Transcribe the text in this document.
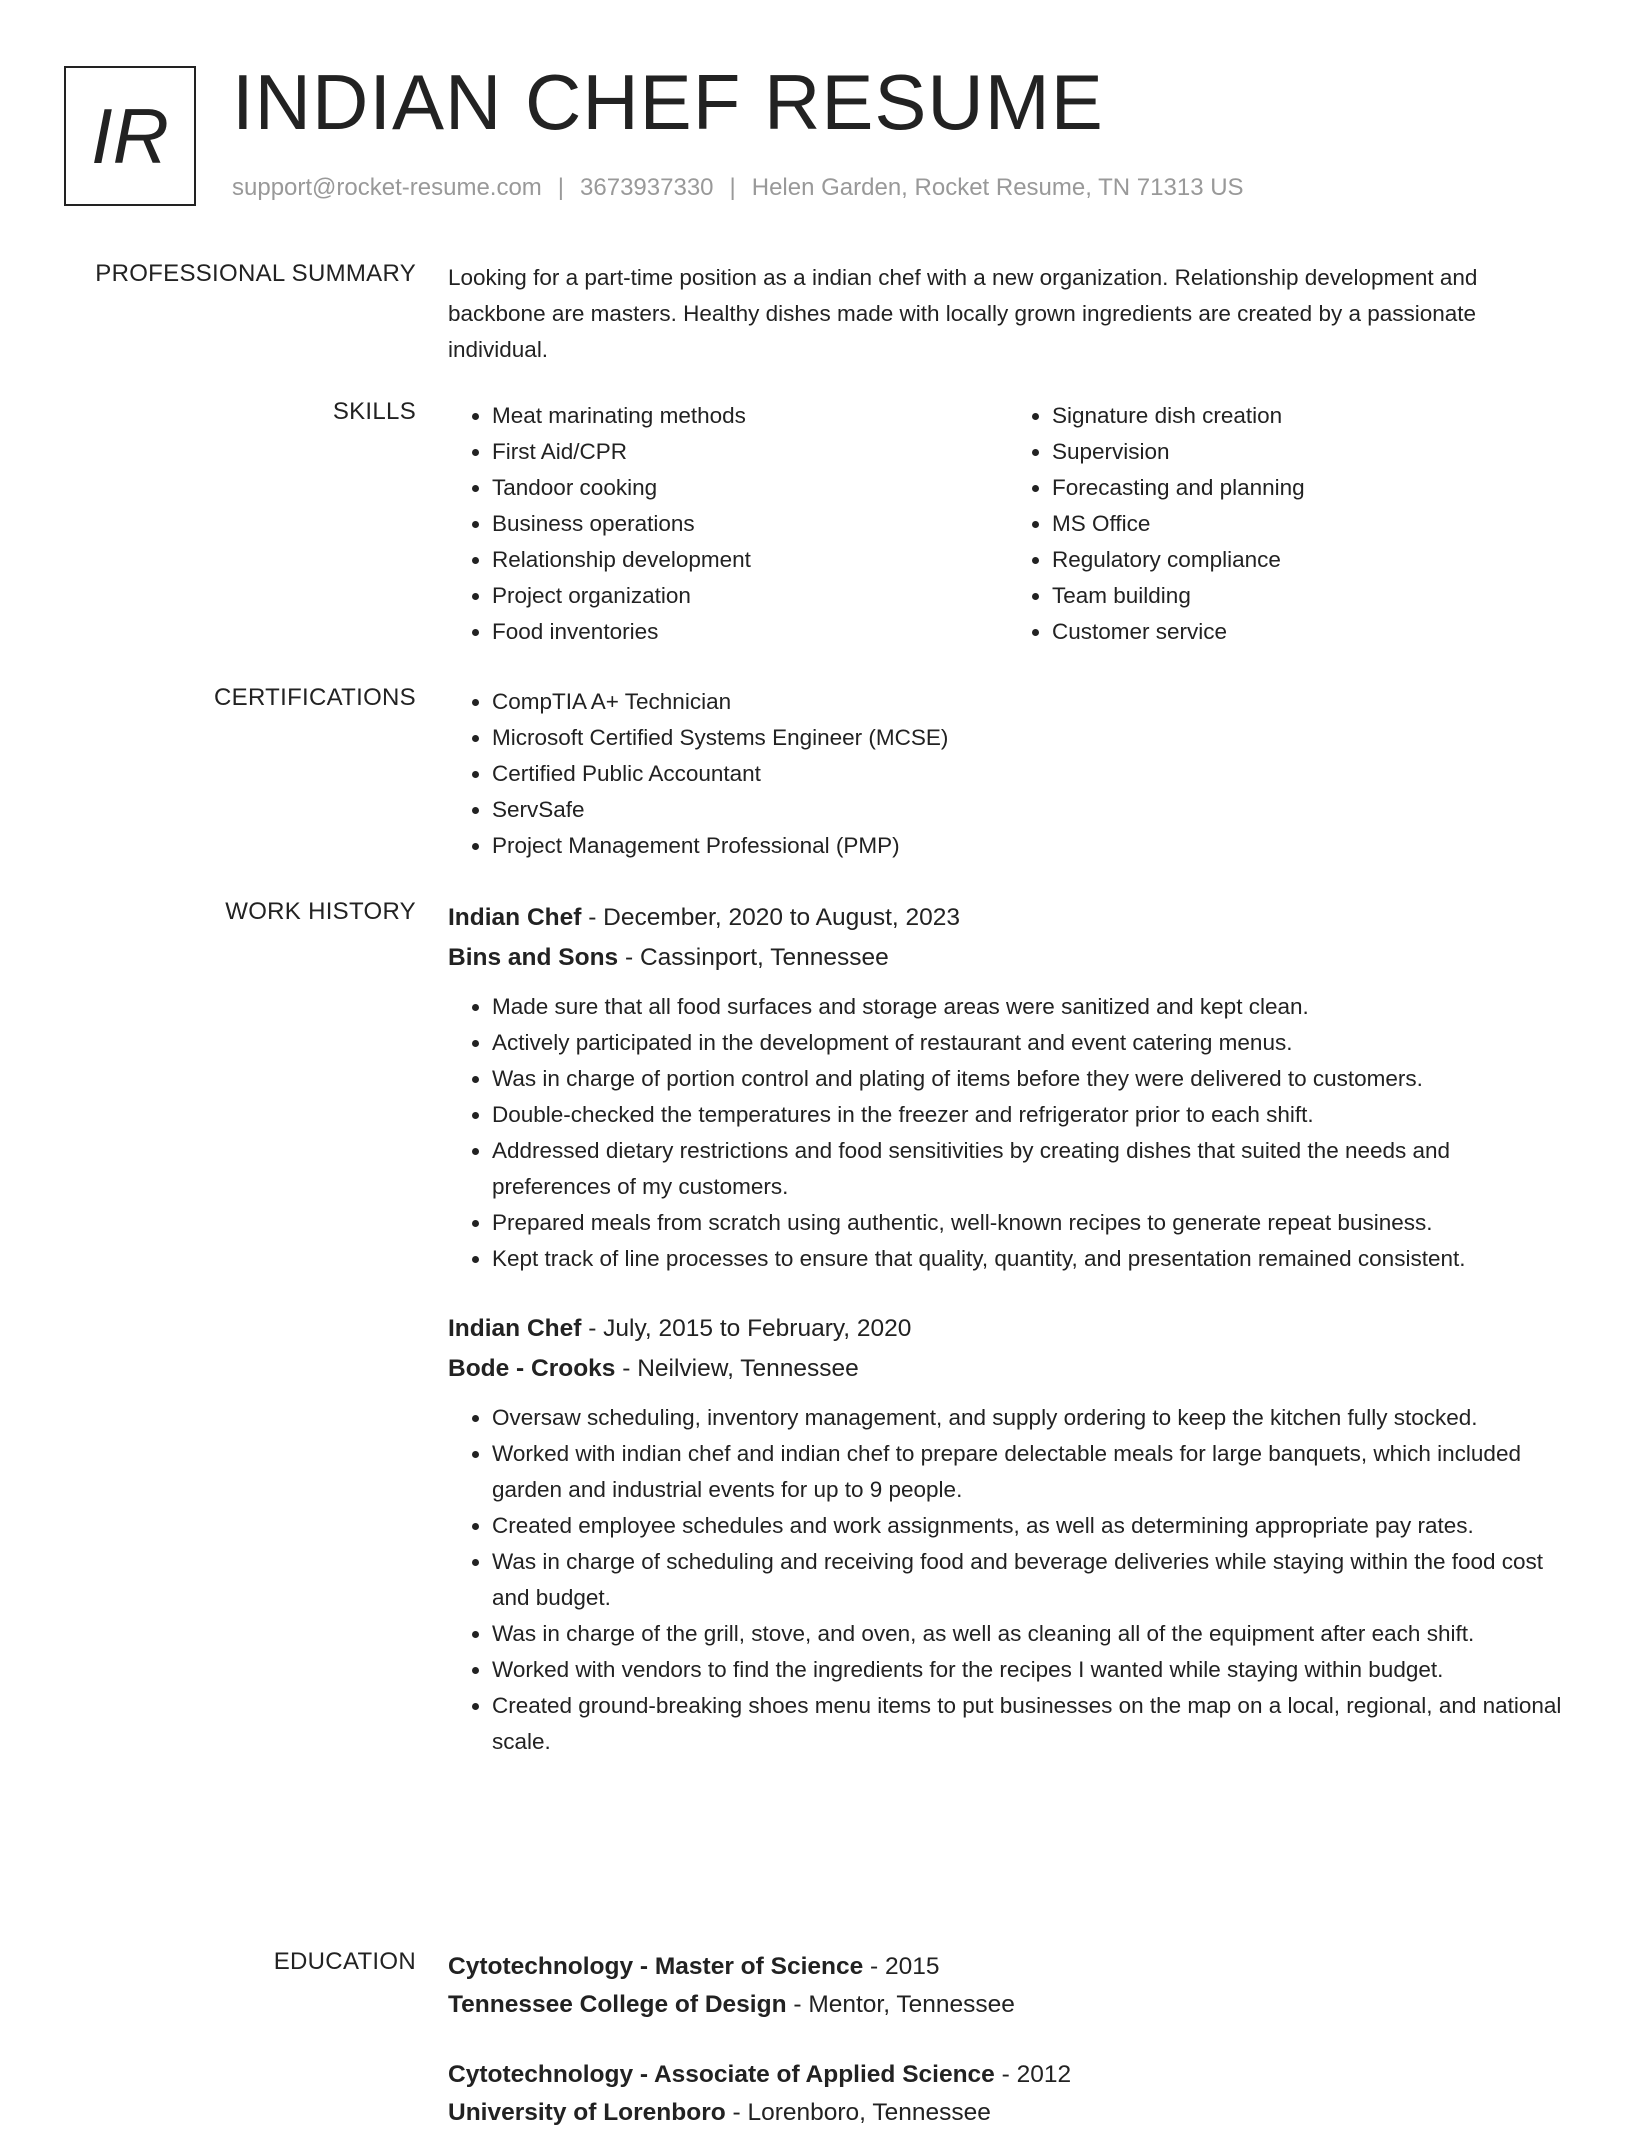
IR INDIAN CHEF RESUME
support@rocket-resume.com | 3673937330 | Helen Garden, Rocket Resume, TN 71313 US
PROFESSIONAL SUMMARY Looking for a part-time position as a indian chef with a new organization. Relationship development and backbone are masters. Healthy dishes made with locally grown ingredients are created by a passionate individual.

SKILLS	• Meat marinating methods
• First Aid/CPR
• Tandoor cooking
• Business operations
• Relationship development
• Project organization
• Food inventories
• Signature dish creation
• Supervision
• Forecasting and planning
• MS Office
• Regulatory compliance
• Team building
• Customer service
CERTIFICATIONS	• CompTIA A+ Technician
• Microsoft Certified Systems Engineer (MCSE)
• Certified Public Accountant
• ServSafe
• Project Management Professional (PMP)
WORK HISTORY Indian Chef - December, 2020 to August, 2023
Bins and Sons - Cassinport, Tennessee
• Made sure that all food surfaces and storage areas were sanitized and kept clean.
• Actively participated in the development of restaurant and event catering menus.
• Was in charge of portion control and plating of items before they were delivered to customers.
• Double-checked the temperatures in the freezer and refrigerator prior to each shift.
• Addressed dietary restrictions and food sensitivities by creating dishes that suited the needs and preferences of my customers.
• Prepared meals from scratch using authentic, well-known recipes to generate repeat business.
• Kept track of line processes to ensure that quality, quantity, and presentation remained consistent.
Indian Chef - July, 2015 to February, 2020
Bode - Crooks - Neilview, Tennessee
• Oversaw scheduling, inventory management, and supply ordering to keep the kitchen fully stocked.
• Worked with indian chef and indian chef to prepare delectable meals for large banquets, which included garden and industrial events for up to 9 people.
• Created employee schedules and work assignments, as well as determining appropriate pay rates.
• Was in charge of scheduling and receiving food and beverage deliveries while staying within the food cost and budget.
• Was in charge of the grill, stove, and oven, as well as cleaning all of the equipment after each shift.
• Worked with vendors to find the ingredients for the recipes I wanted while staying within budget.
• Created ground-breaking shoes menu items to put businesses on the map on a local, regional, and national scale.
EDUCATION Cytotechnology - Master of Science - 2015
Tennessee College of Design - Mentor, Tennessee
Cytotechnology - Associate of Applied Science - 2012
University of Lorenboro - Lorenboro, Tennessee
